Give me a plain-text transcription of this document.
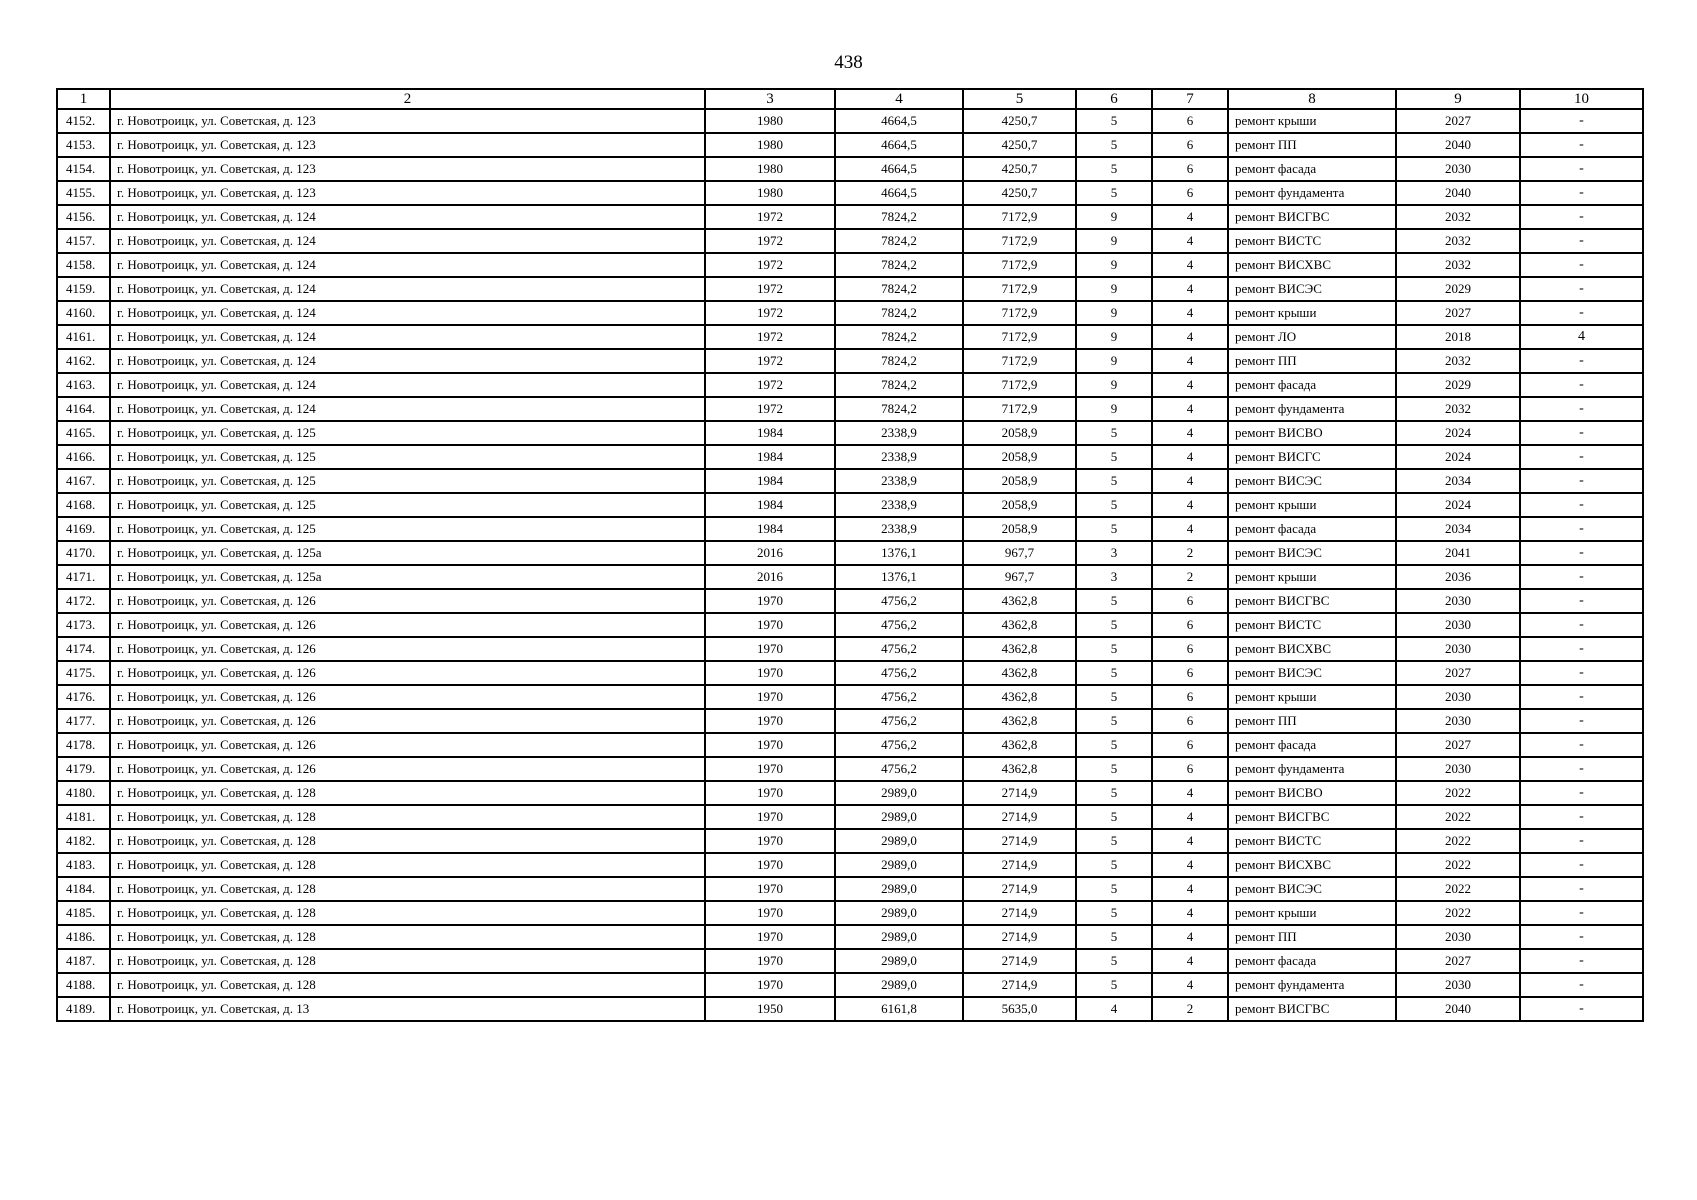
438
1	2	3	4	5	6	7	8	9	10
4152.	г. Новотроицк, ул. Советская, д. 123	1980	4664,5	4250,7	5	6	ремонт крыши	2027	-
4153.	г. Новотроицк, ул. Советская, д. 123	1980	4664,5	4250,7	5	6	ремонт ПП	2040	-
4154.	г. Новотроицк, ул. Советская, д. 123	1980	4664,5	4250,7	5	6	ремонт фасада	2030	-
4155.	г. Новотроицк, ул. Советская, д. 123	1980	4664,5	4250,7	5	6	ремонт фундамента	2040	-
4156.	г. Новотроицк, ул. Советская, д. 124	1972	7824,2	7172,9	9	4	ремонт ВИСГВС	2032	-
4157.	г. Новотроицк, ул. Советская, д. 124	1972	7824,2	7172,9	9	4	ремонт ВИСТС	2032	-
4158.	г. Новотроицк, ул. Советская, д. 124	1972	7824,2	7172,9	9	4	ремонт ВИСХВС	2032	-
4159.	г. Новотроицк, ул. Советская, д. 124	1972	7824,2	7172,9	9	4	ремонт ВИСЭС	2029	-
4160.	г. Новотроицк, ул. Советская, д. 124	1972	7824,2	7172,9	9	4	ремонт крыши	2027	-
4161.	г. Новотроицк, ул. Советская, д. 124	1972	7824,2	7172,9	9	4	ремонт ЛО	2018	4
4162.	г. Новотроицк, ул. Советская, д. 124	1972	7824,2	7172,9	9	4	ремонт ПП	2032	-
4163.	г. Новотроицк, ул. Советская, д. 124	1972	7824,2	7172,9	9	4	ремонт фасада	2029	-
4164.	г. Новотроицк, ул. Советская, д. 124	1972	7824,2	7172,9	9	4	ремонт фундамента	2032	-
4165.	г. Новотроицк, ул. Советская, д. 125	1984	2338,9	2058,9	5	4	ремонт ВИСВО	2024	-
4166.	г. Новотроицк, ул. Советская, д. 125	1984	2338,9	2058,9	5	4	ремонт ВИСГС	2024	-
4167.	г. Новотроицк, ул. Советская, д. 125	1984	2338,9	2058,9	5	4	ремонт ВИСЭС	2034	-
4168.	г. Новотроицк, ул. Советская, д. 125	1984	2338,9	2058,9	5	4	ремонт крыши	2024	-
4169.	г. Новотроицк, ул. Советская, д. 125	1984	2338,9	2058,9	5	4	ремонт фасада	2034	-
4170.	г. Новотроицк, ул. Советская, д. 125а	2016	1376,1	967,7	3	2	ремонт ВИСЭС	2041	-
4171.	г. Новотроицк, ул. Советская, д. 125а	2016	1376,1	967,7	3	2	ремонт крыши	2036	-
4172.	г. Новотроицк, ул. Советская, д. 126	1970	4756,2	4362,8	5	6	ремонт ВИСГВС	2030	-
4173.	г. Новотроицк, ул. Советская, д. 126	1970	4756,2	4362,8	5	6	ремонт ВИСТС	2030	-
4174.	г. Новотроицк, ул. Советская, д. 126	1970	4756,2	4362,8	5	6	ремонт ВИСХВС	2030	-
4175.	г. Новотроицк, ул. Советская, д. 126	1970	4756,2	4362,8	5	6	ремонт ВИСЭС	2027	-
4176.	г. Новотроицк, ул. Советская, д. 126	1970	4756,2	4362,8	5	6	ремонт крыши	2030	-
4177.	г. Новотроицк, ул. Советская, д. 126	1970	4756,2	4362,8	5	6	ремонт ПП	2030	-
4178.	г. Новотроицк, ул. Советская, д. 126	1970	4756,2	4362,8	5	6	ремонт фасада	2027	-
4179.	г. Новотроицк, ул. Советская, д. 126	1970	4756,2	4362,8	5	6	ремонт фундамента	2030	-
4180.	г. Новотроицк, ул. Советская, д. 128	1970	2989,0	2714,9	5	4	ремонт ВИСВО	2022	-
4181.	г. Новотроицк, ул. Советская, д. 128	1970	2989,0	2714,9	5	4	ремонт ВИСГВС	2022	-
4182.	г. Новотроицк, ул. Советская, д. 128	1970	2989,0	2714,9	5	4	ремонт ВИСТС	2022	-
4183.	г. Новотроицк, ул. Советская, д. 128	1970	2989,0	2714,9	5	4	ремонт ВИСХВС	2022	-
4184.	г. Новотроицк, ул. Советская, д. 128	1970	2989,0	2714,9	5	4	ремонт ВИСЭС	2022	-
4185.	г. Новотроицк, ул. Советская, д. 128	1970	2989,0	2714,9	5	4	ремонт крыши	2022	-
4186.	г. Новотроицк, ул. Советская, д. 128	1970	2989,0	2714,9	5	4	ремонт ПП	2030	-
4187.	г. Новотроицк, ул. Советская, д. 128	1970	2989,0	2714,9	5	4	ремонт фасада	2027	-
4188.	г. Новотроицк, ул. Советская, д. 128	1970	2989,0	2714,9	5	4	ремонт фундамента	2030	-
4189.	г. Новотроицк, ул. Советская, д. 13	1950	6161,8	5635,0	4	2	ремонт ВИСГВС	2040	-
